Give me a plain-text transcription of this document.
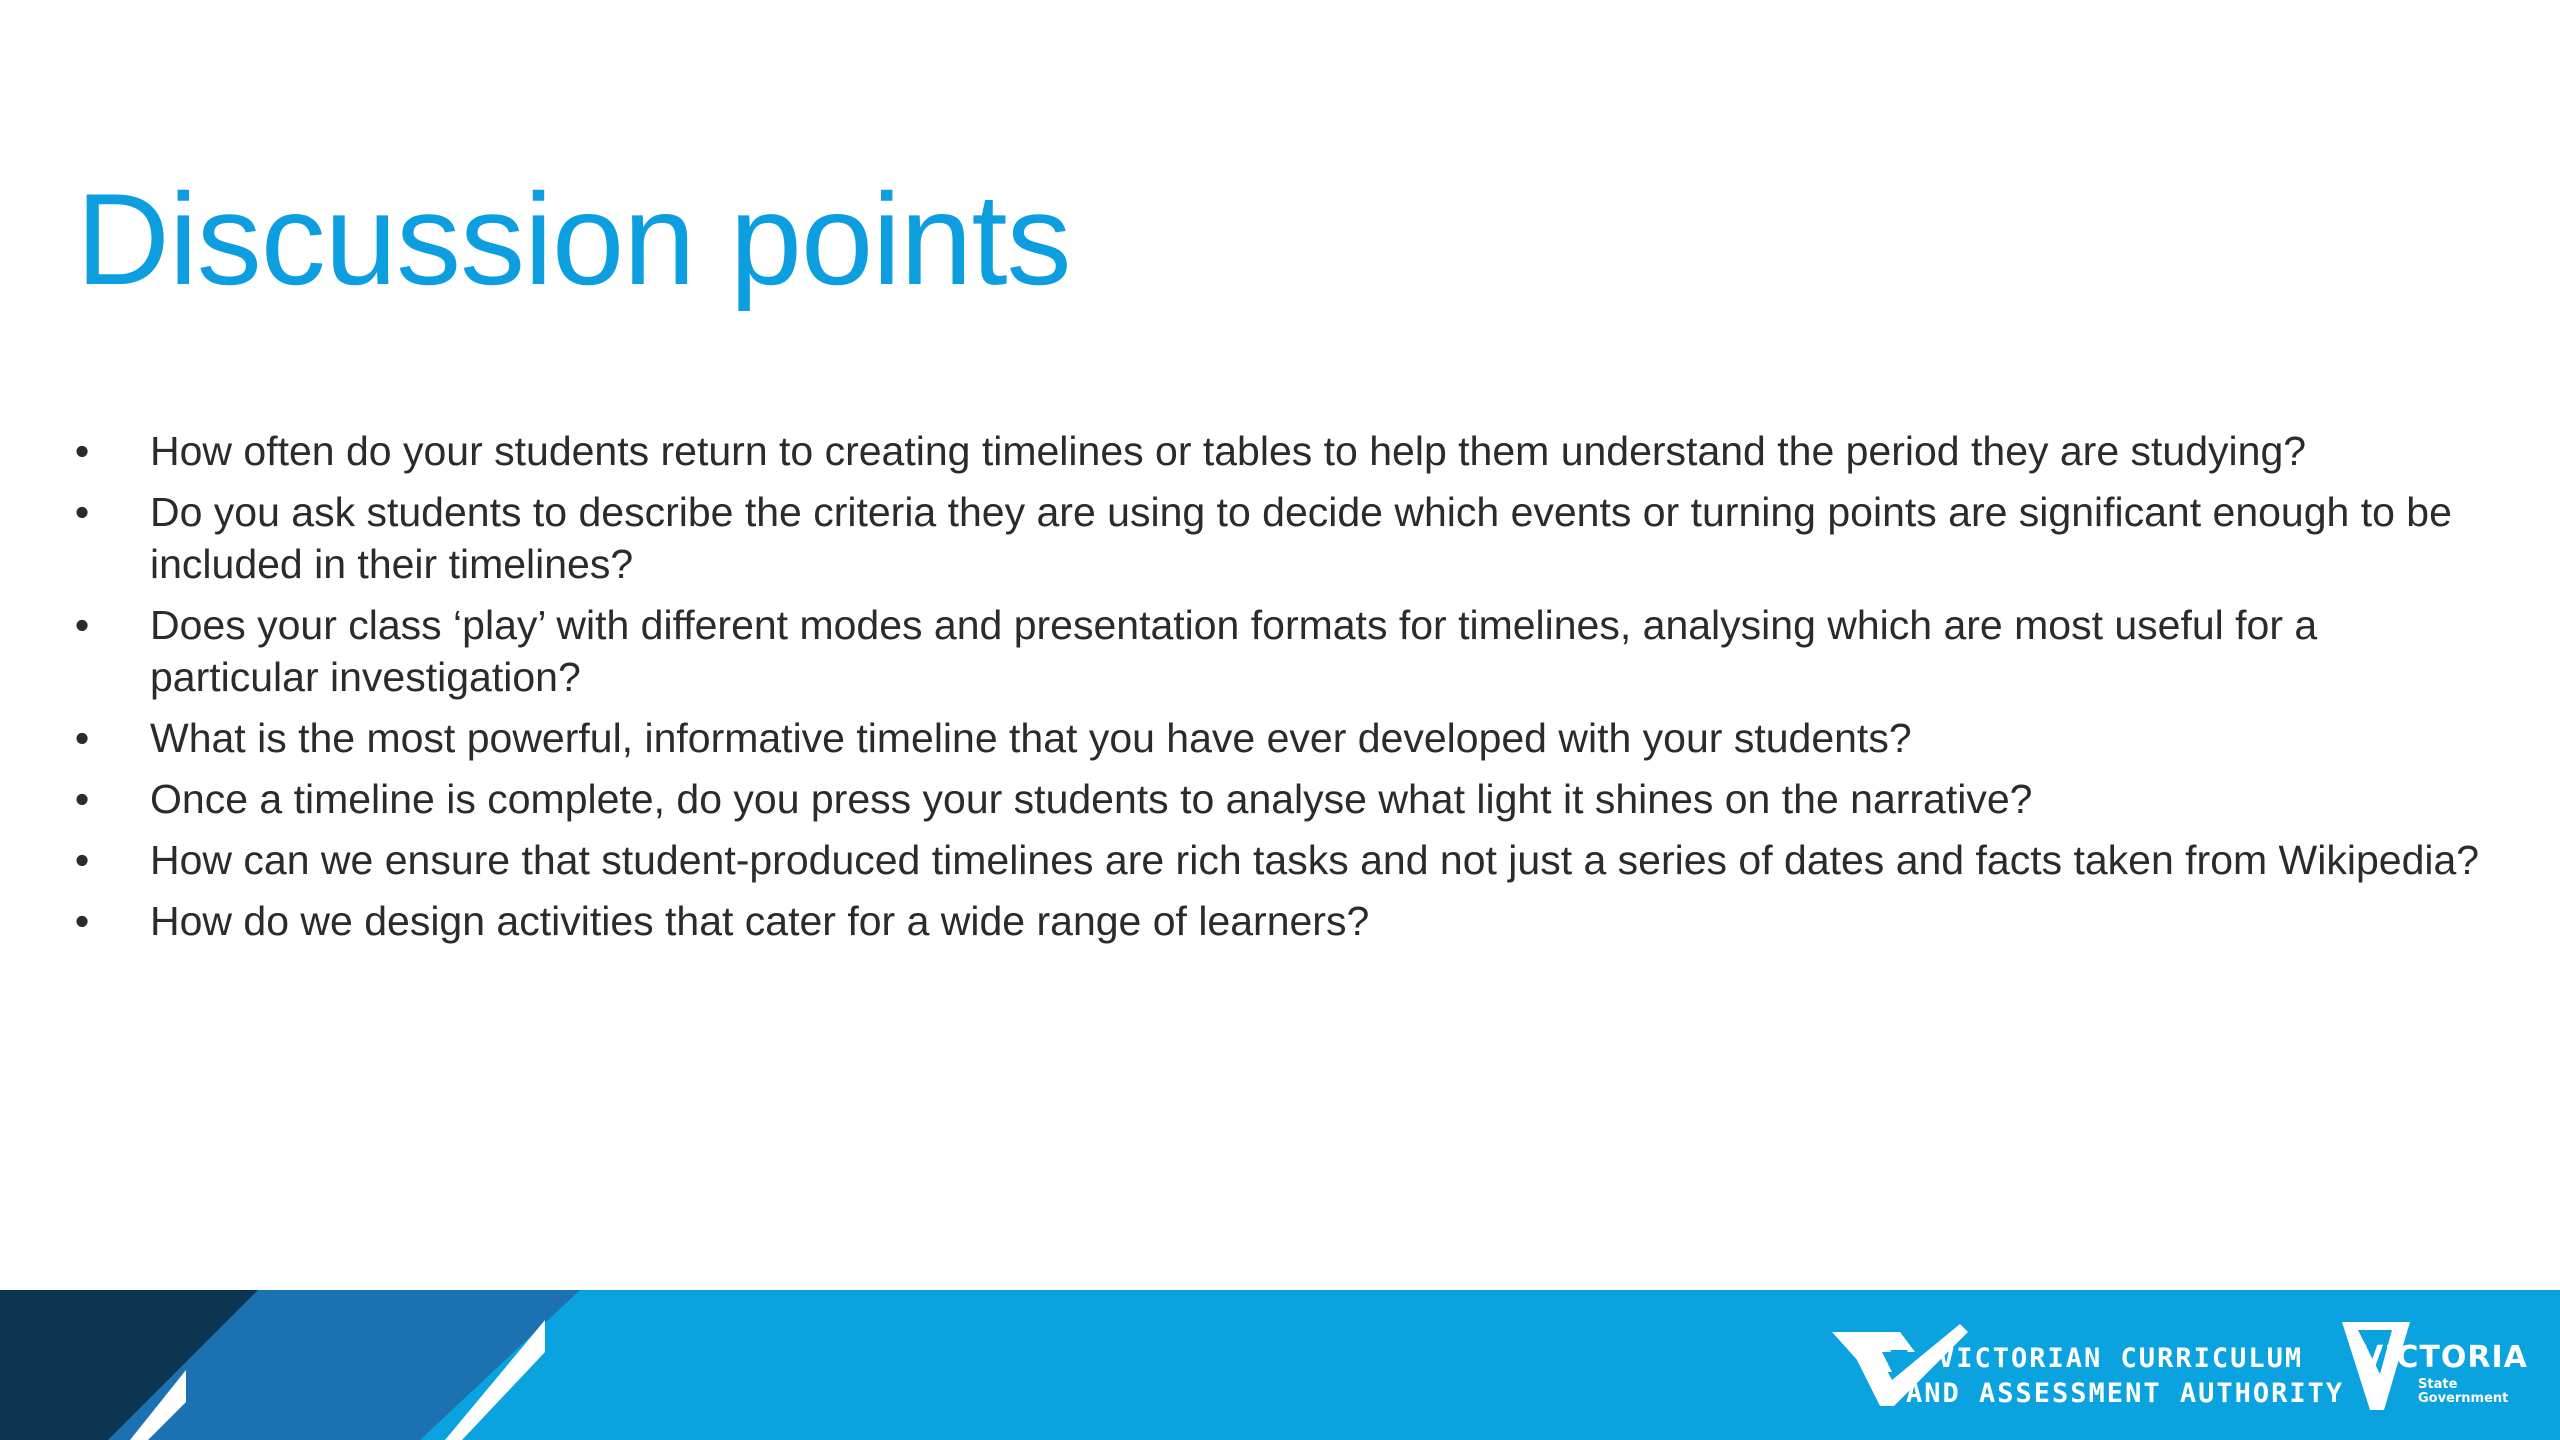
Discussion points
• How often do your students return to creating timelines or tables to help them understand the period they are studying?
• Do you ask students to describe the criteria they are using to decide which events or turning points are significant enough to be included in their timelines?
• Does your class ‘play’ with different modes and presentation formats for timelines, analysing which are most useful for a particular investigation?
• What is the most powerful, informative timeline that you have ever developed with your students?
• Once a timeline is complete, do you press your students to analyse what light it shines on the narrative?
• How can we ensure that student-produced timelines are rich tasks and not just a series of dates and facts taken from Wikipedia?
• How do we design activities that cater for a wide range of learners?
VICTORIAN CURRICULUM
AND ASSESSMENT AUTHORITY
VICTORIA
State
Government
